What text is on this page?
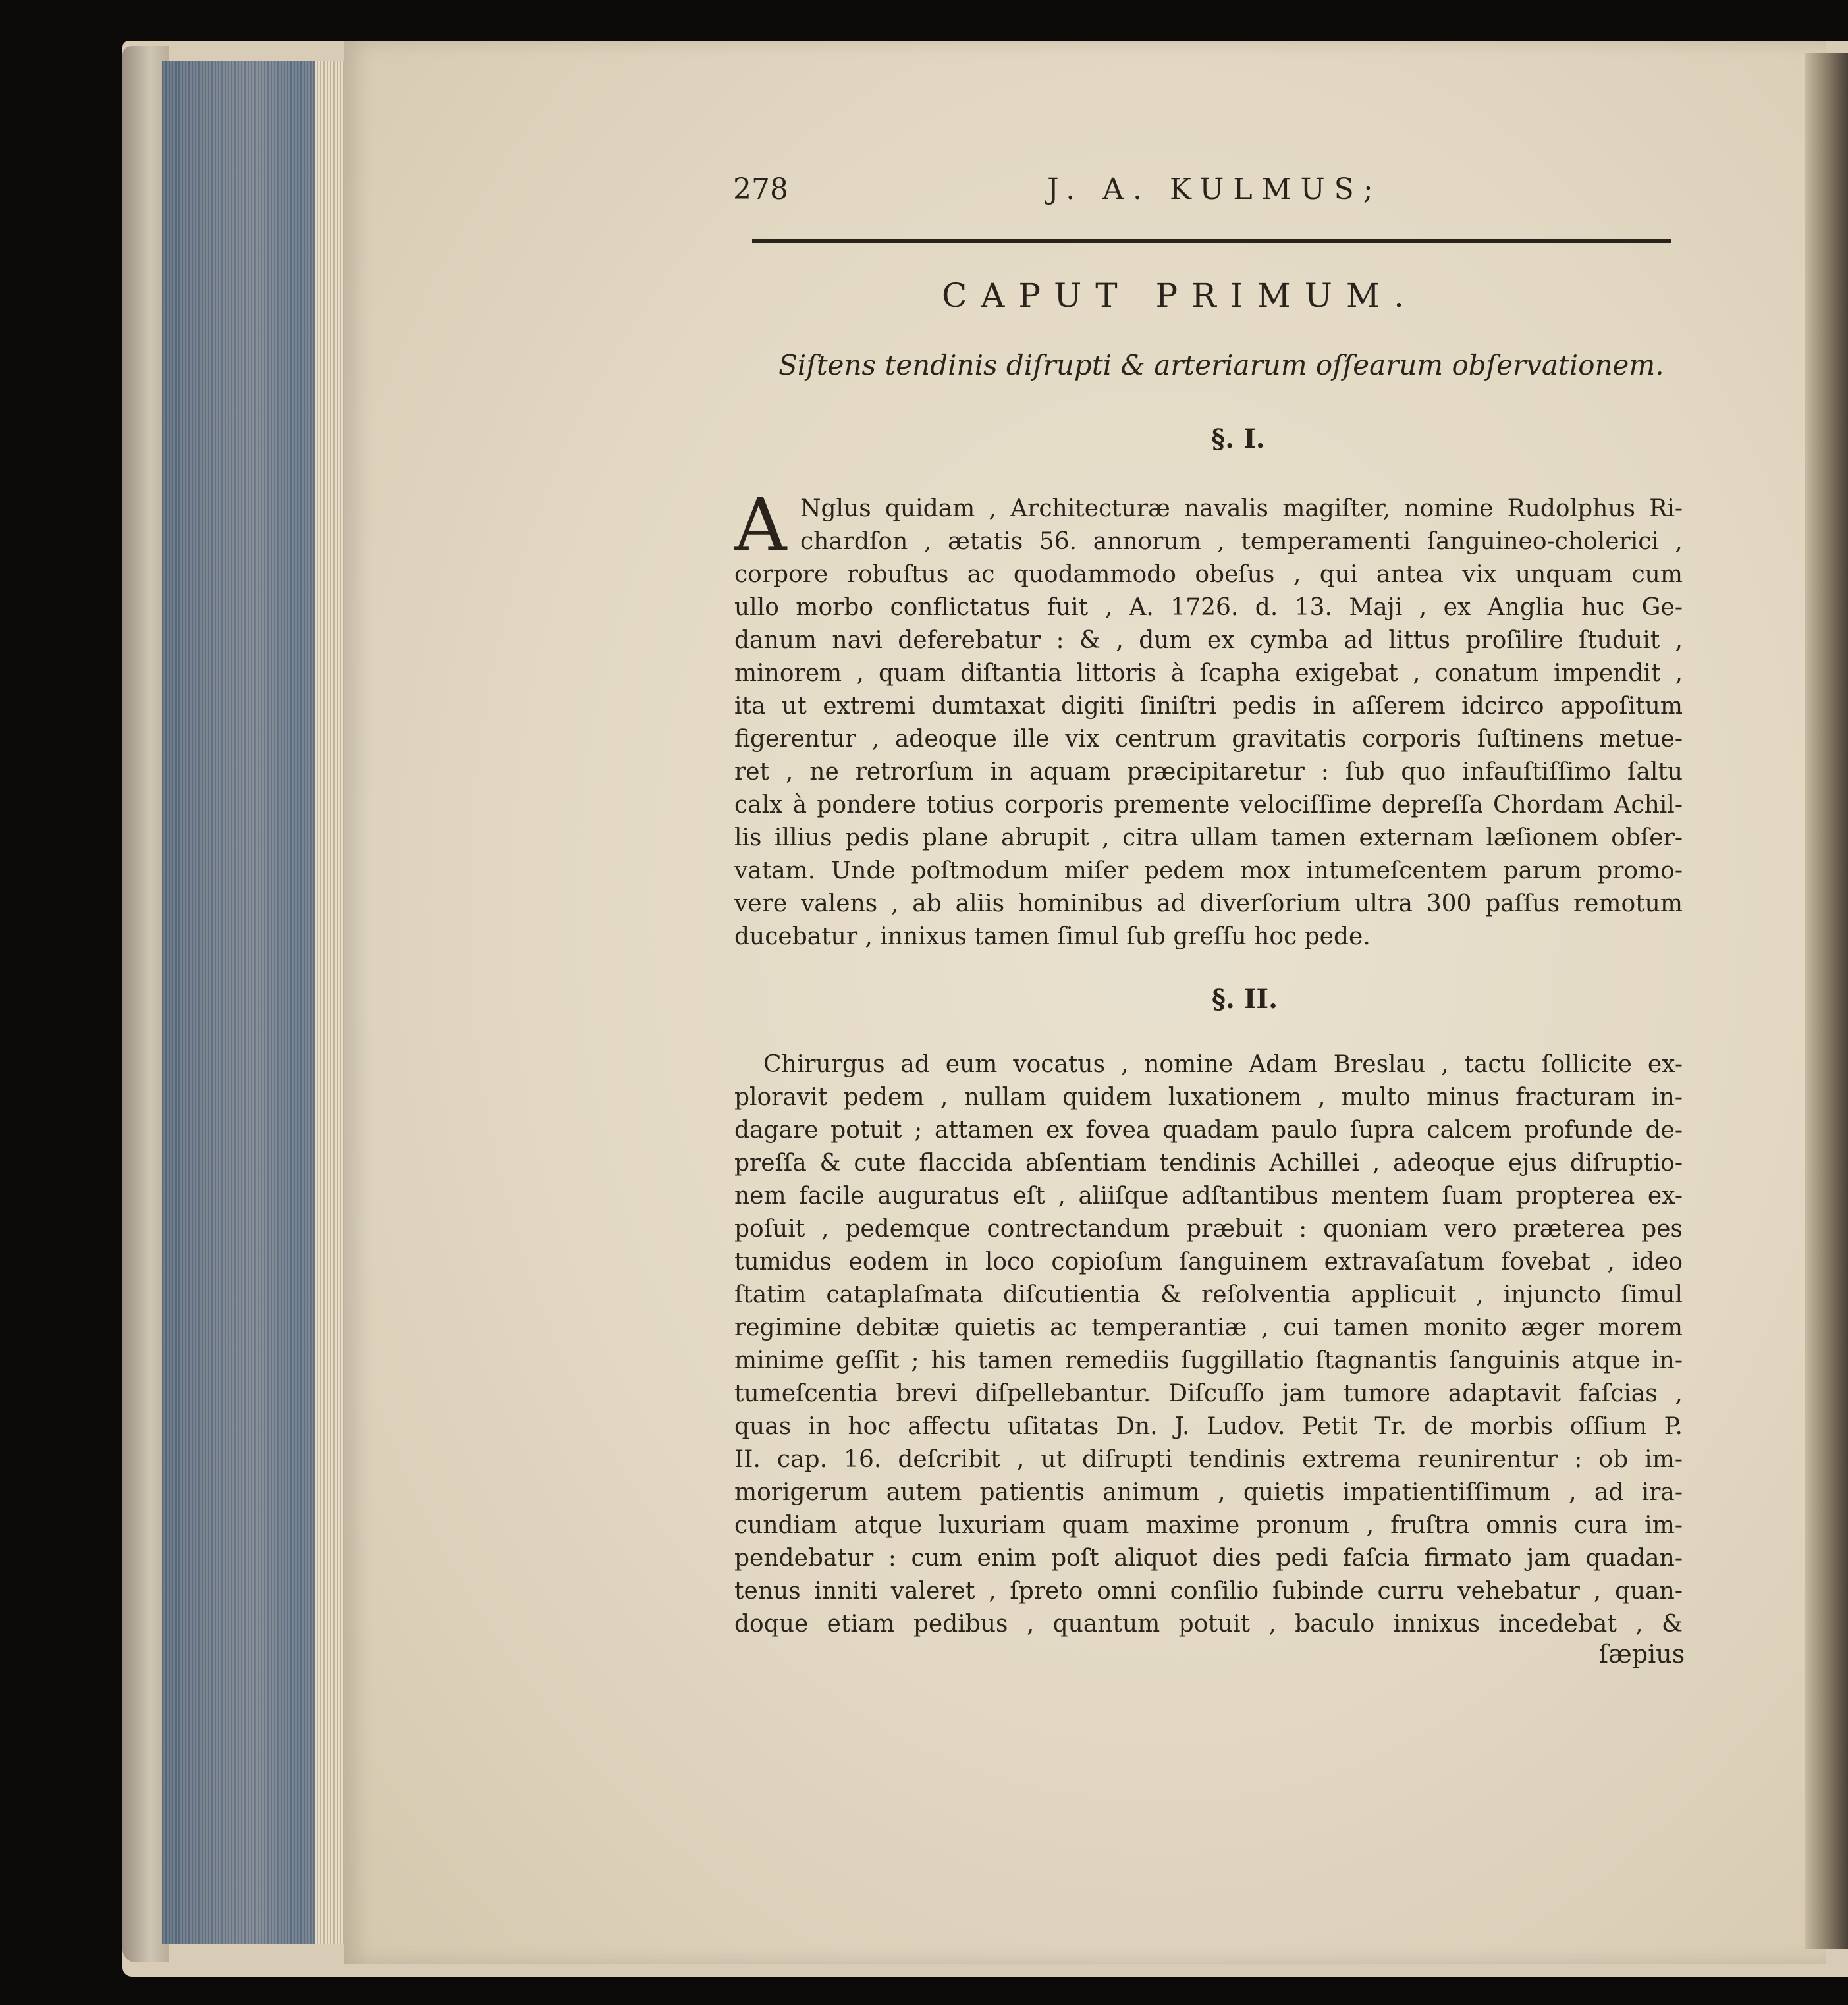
278	J. A. KULMUS;
CAPUT PRIMUM.
Siſtens tendinis diſrupti & arteriarum oſſearum obſervationem.
§. I.
A Nglus quidam , Architecturæ navalis magiſter, nomine Rudolphus Ri-
chardſon , ætatis 56. annorum , temperamenti ſanguineo-cholerici ,
corpore robuſtus ac quodammodo obeſus , qui antea vix unquam cum
ullo morbo conflictatus fuit , A. 1726. d. 13. Maji , ex Anglia huc Ge-
danum navi deferebatur : & , dum ex cymba ad littus proſilire ſtuduit ,
minorem , quam diſtantia littoris à ſcapha exigebat , conatum impendit ,
ita ut extremi dumtaxat digiti ſiniſtri pedis in aſſerem idcirco appoſitum
figerentur , adeoque ille vix centrum gravitatis corporis ſuſtinens metue-
ret , ne retrorſum in aquam præcipitaretur : ſub quo infauſtiſſimo ſaltu
calx à pondere totius corporis premente velociſſime depreſſa Chordam Achil-
lis illius pedis plane abrupit , citra ullam tamen externam læſionem obſer-
vatam. Unde poſtmodum miſer pedem mox intumeſcentem parum promo-
vere valens , ab aliis hominibus ad diverſorium ultra 300 paſſus remotum
ducebatur , innixus tamen ſimul ſub greſſu hoc pede.
§. II.
Chirurgus ad eum vocatus , nomine Adam Breslau , tactu ſollicite ex-
ploravit pedem , nullam quidem luxationem , multo minus fracturam in-
dagare potuit ; attamen ex fovea quadam paulo ſupra calcem profunde de-
preſſa & cute flaccida abſentiam tendinis Achillei , adeoque ejus diſruptio-
nem facile auguratus eſt , aliiſque adſtantibus mentem ſuam propterea ex-
poſuit , pedemque contrectandum præbuit : quoniam vero præterea pes
tumidus eodem in loco copioſum ſanguinem extravaſatum fovebat , ideo
ſtatim cataplaſmata diſcutientia & reſolventia applicuit , injuncto ſimul
regimine debitæ quietis ac temperantiæ , cui tamen monito æger morem
minime geſſit ; his tamen remediis ſuggillatio ſtagnantis ſanguinis atque in-
tumeſcentia brevi diſpellebantur. Diſcuſſo jam tumore adaptavit faſcias ,
quas in hoc affectu uſitatas Dn. J. Ludov. Petit Tr. de morbis oſſium P.
II. cap. 16. deſcribit , ut diſrupti tendinis extrema reunirentur : ob im-
morigerum autem patientis animum , quietis impatientiſſimum , ad ira-
cundiam atque luxuriam quam maxime pronum , fruſtra omnis cura im-
pendebatur : cum enim poſt aliquot dies pedi faſcia firmato jam quadan-
tenus inniti valeret , ſpreto omni conſilio ſubinde curru vehebatur , quan-
doque etiam pedibus , quantum potuit , baculo innixus incedebat , &
ſæpius
